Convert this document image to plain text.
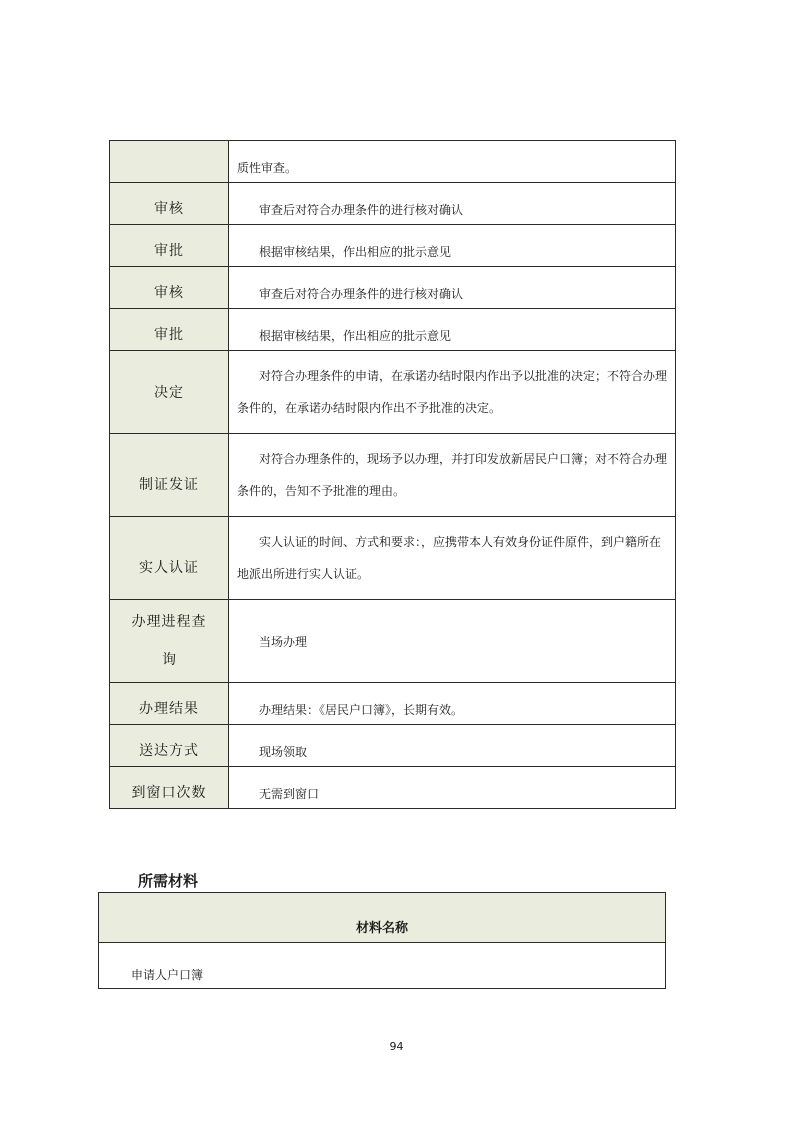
	质性审查。
审核	审查后对符合办理条件的进行核对确认
审批	根据审核结果，作出相应的批示意见
审核	审查后对符合办理条件的进行核对确认
审批	根据审核结果，作出相应的批示意见
决定	对符合办理条件的申请，在承诺办结时限内作出予以批准的决定；不符合办理

条件的，在承诺办结时限内作出不予批准的决定。

制证发证	对符合办理条件的，现场予以办理，并打印发放新居民户口簿；对不符合办理

条件的，告知不予批准的理由。

实人认证	实人认证的时间、方式和要求：，应携带本人有效身份证件原件，到户籍所在

地派出所进行实人认证。

办理进程查
询	当场办理
办理结果	办理结果：《居民户口簿》，长期有效。
送达方式	现场领取
到窗口次数	无需到窗口
所需材料
材料名称
申请人户口簿
94
